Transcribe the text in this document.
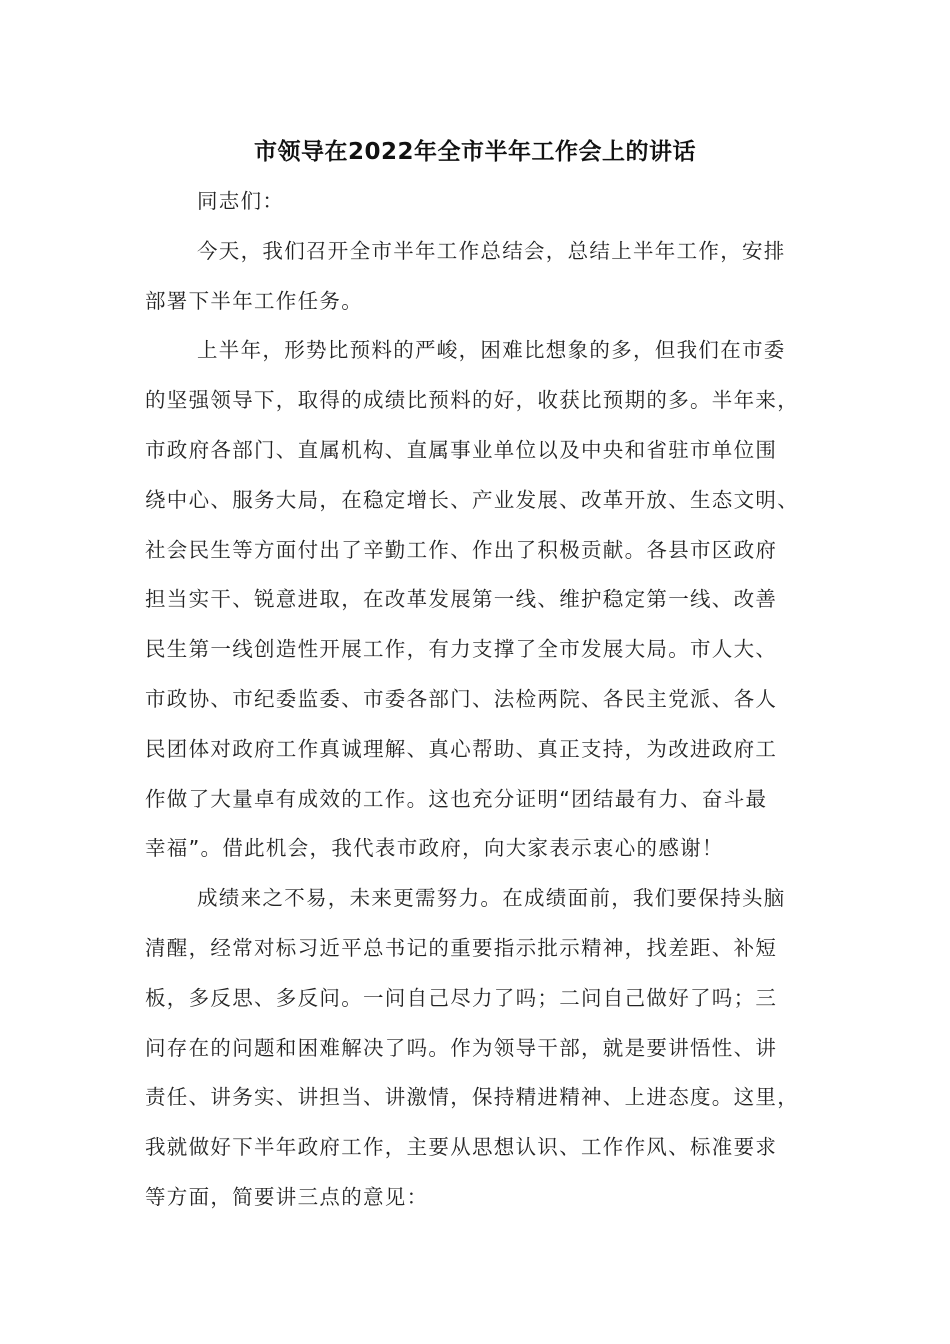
市领导在2022年全市半年工作会上的讲话
同志们：
今天，我们召开全市半年工作总结会，总结上半年工作，安排
部署下半年工作任务。
上半年，形势比预料的严峻，困难比想象的多，但我们在市委
的坚强领导下，取得的成绩比预料的好，收获比预期的多。半年来，
市政府各部门、直属机构、直属事业单位以及中央和省驻市单位围
绕中心、服务大局，在稳定增长、产业发展、改革开放、生态文明、
社会民生等方面付出了辛勤工作、作出了积极贡献。各县市区政府
担当实干、锐意进取，在改革发展第一线、维护稳定第一线、改善
民生第一线创造性开展工作，有力支撑了全市发展大局。市人大、
市政协、市纪委监委、市委各部门、法检两院、各民主党派、各人
民团体对政府工作真诚理解、真心帮助、真正支持，为改进政府工
作做了大量卓有成效的工作。这也充分证明“团结最有力、奋斗最
幸福”。借此机会，我代表市政府，向大家表示衷心的感谢！
成绩来之不易，未来更需努力。在成绩面前，我们要保持头脑
清醒，经常对标习近平总书记的重要指示批示精神，找差距、补短
板，多反思、多反问。一问自己尽力了吗；二问自己做好了吗；三
问存在的问题和困难解决了吗。作为领导干部，就是要讲悟性、讲
责任、讲务实、讲担当、讲激情，保持精进精神、上进态度。这里，
我就做好下半年政府工作，主要从思想认识、工作作风、标准要求
等方面，简要讲三点的意见：
